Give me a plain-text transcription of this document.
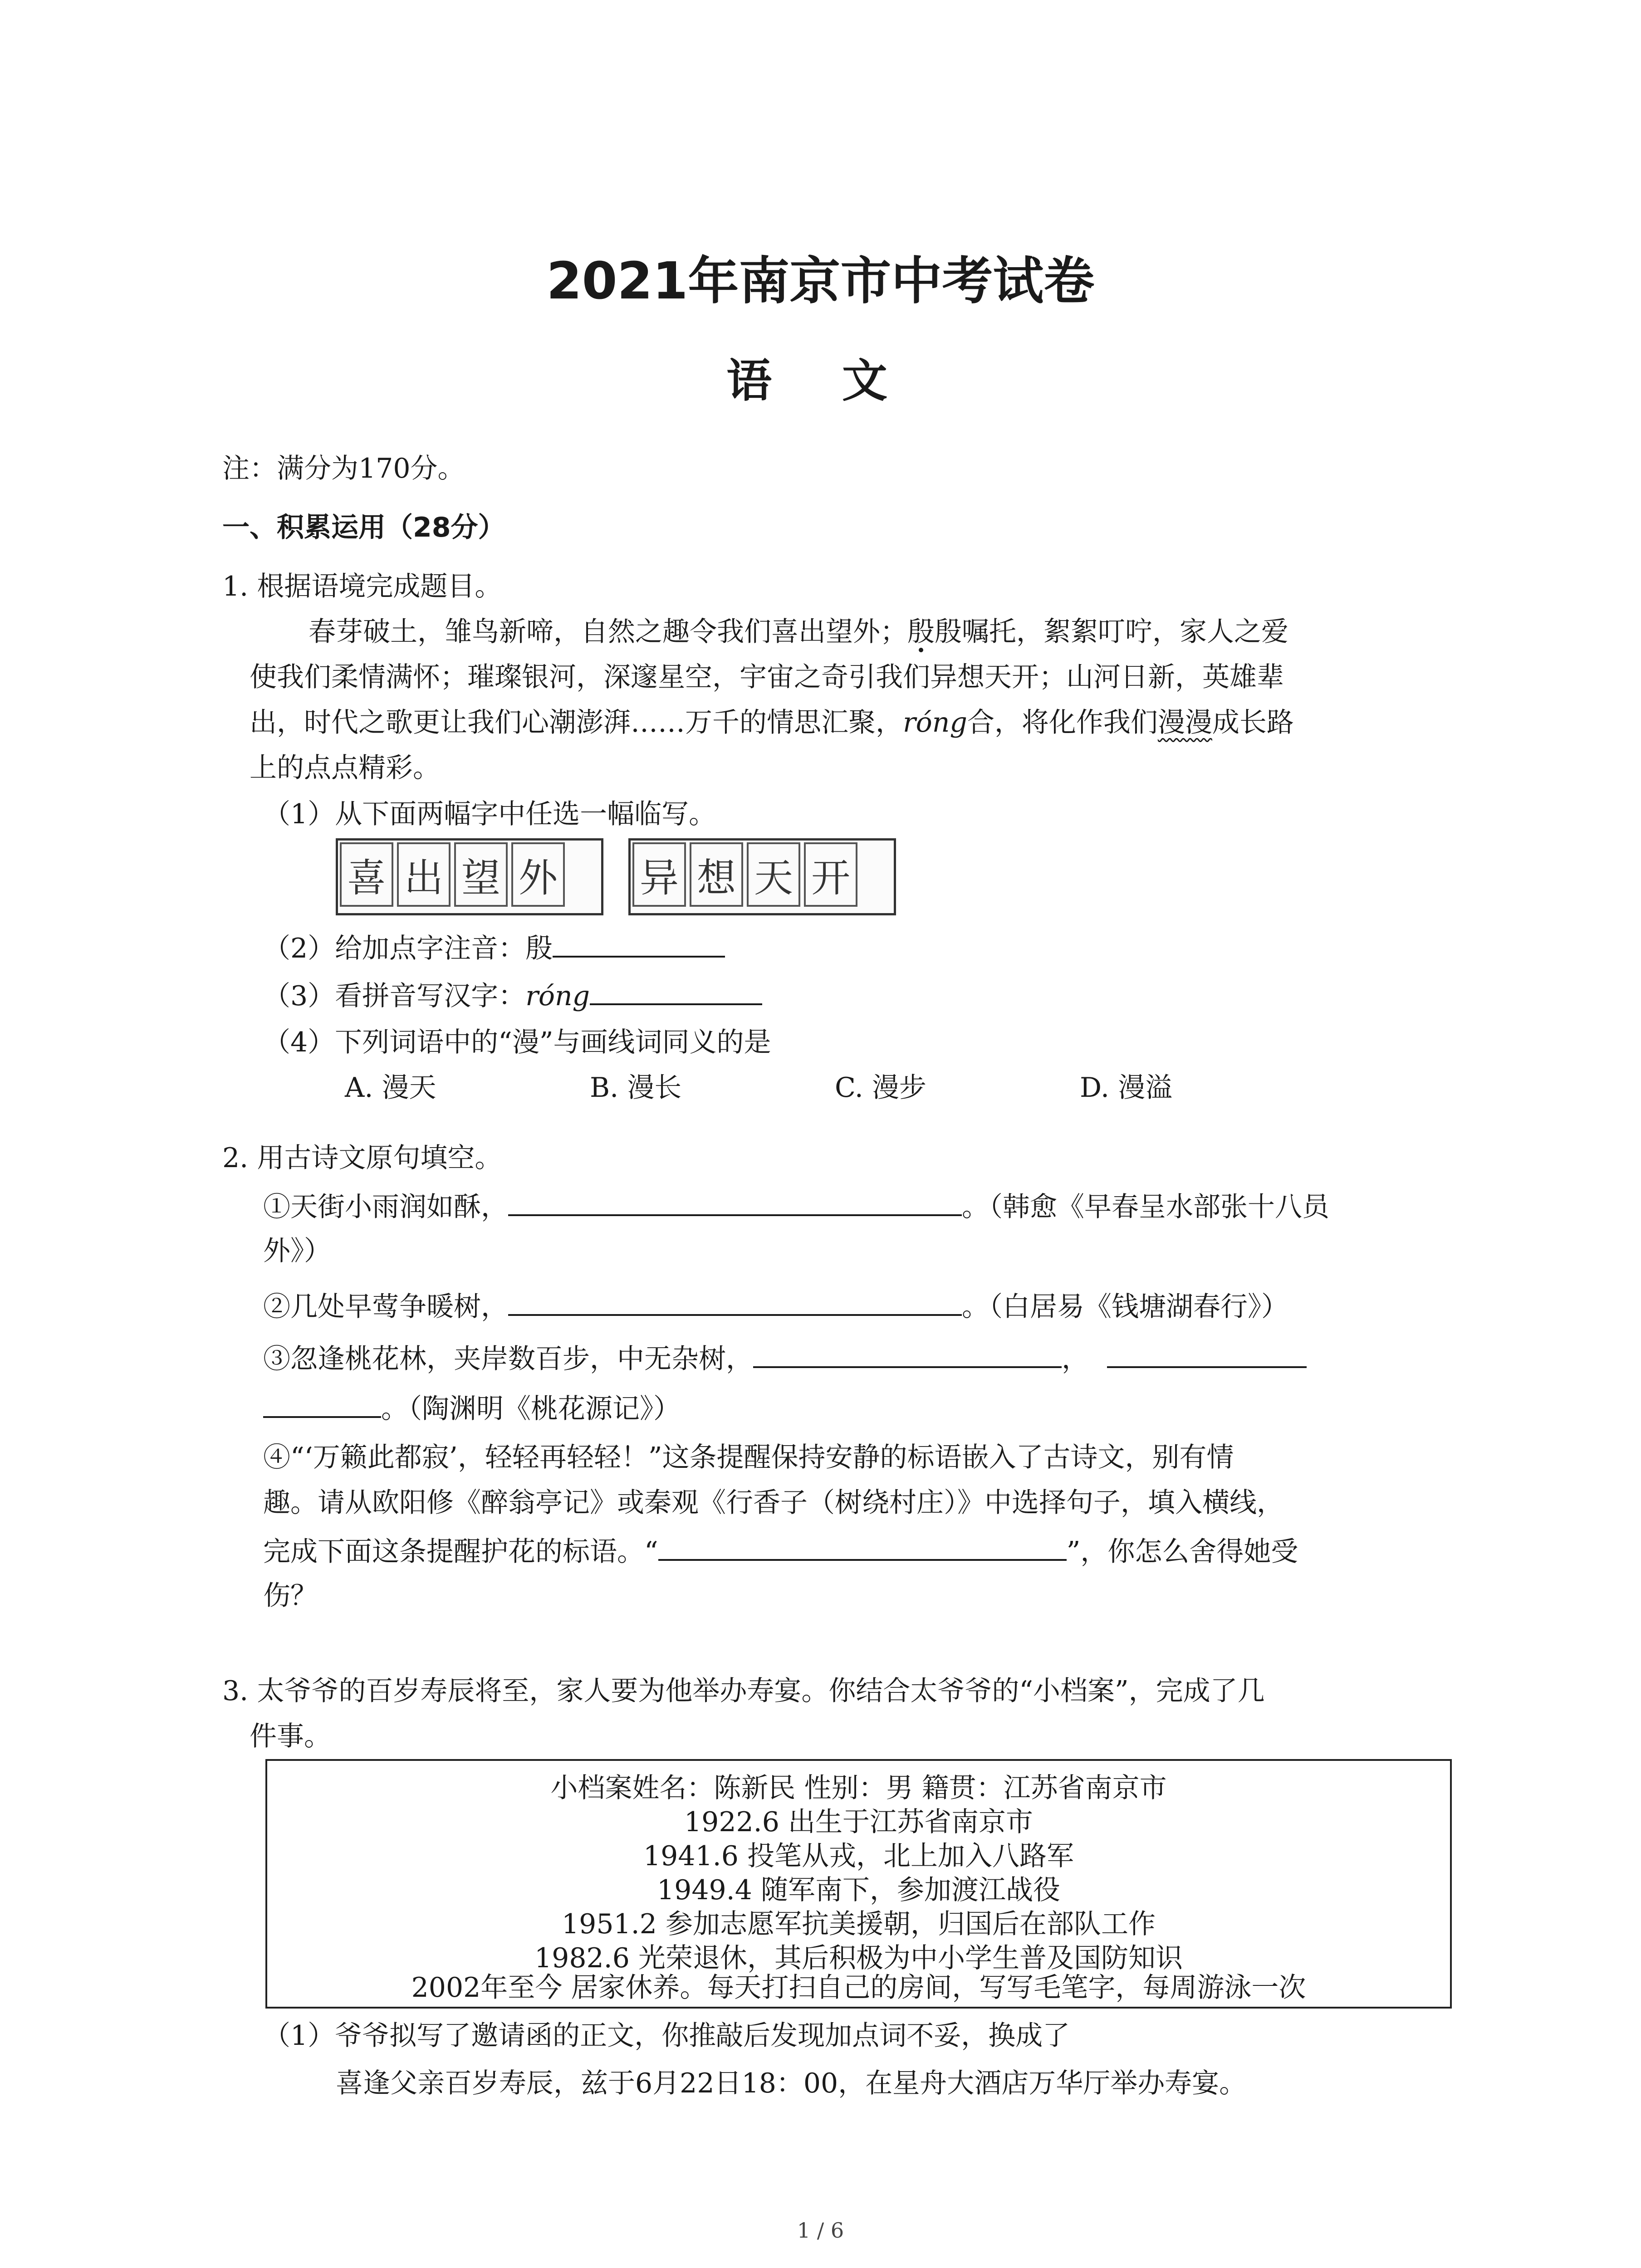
2021年南京市中考试卷
语 文
注：满分为170分。
一、积累运用（28分）
1. 根据语境完成题目。
春芽破土，雏鸟新啼，自然之趣令我们喜出望外；殷殷嘱托，絮絮叮咛，家人之爱
使我们柔情满怀；璀璨银河，深邃星空，宇宙之奇引我们异想天开；山河日新，英雄辈
出，时代之歌更让我们心潮澎湃……万千的情思汇聚，róng合，将化作我们漫漫成长路
上的点点精彩。
（1）从下面两幅字中任选一幅临写。
喜 出 望 外 异 想 天 开
（2）给加点字注音：殷
（3）看拼音写汉字：róng
（4）下列词语中的“漫”与画线词同义的是
A. 漫天	B. 漫长	C. 漫步	D. 漫溢
2. 用古诗文原句填空。
①天街小雨润如酥，	。（韩愈《早春呈水部张十八员
外》）
②几处早莺争暖树，	。（白居易《钱塘湖春行》）
③忽逢桃花林，夹岸数百步，中无杂树，	，
。（陶渊明《桃花源记》）
④“‘万籁此都寂’，轻轻再轻轻！”这条提醒保持安静的标语嵌入了古诗文，别有情
趣。请从欧阳修《醉翁亭记》或秦观《行香子（树绕村庄）》中选择句子，填入横线，
完成下面这条提醒护花的标语。“	”，你怎么舍得她受
伤？
3. 太爷爷的百岁寿辰将至，家人要为他举办寿宴。你结合太爷爷的“小档案”，完成了几
件事。
小档案姓名：陈新民 性别：男 籍贯：江苏省南京市
1922.6 出生于江苏省南京市
1941.6 投笔从戎，北上加入八路军
1949.4 随军南下，参加渡江战役
1951.2 参加志愿军抗美援朝，归国后在部队工作
1982.6 光荣退休，其后积极为中小学生普及国防知识
2002年至今 居家休养。每天打扫自己的房间，写写毛笔字，每周游泳一次
（1）爷爷拟写了邀请函的正文，你推敲后发现加点词不妥，换成了
喜逢父亲百岁寿辰，兹于6月22日18：00，在星舟大酒店万华厅举办寿宴。
1 / 6
